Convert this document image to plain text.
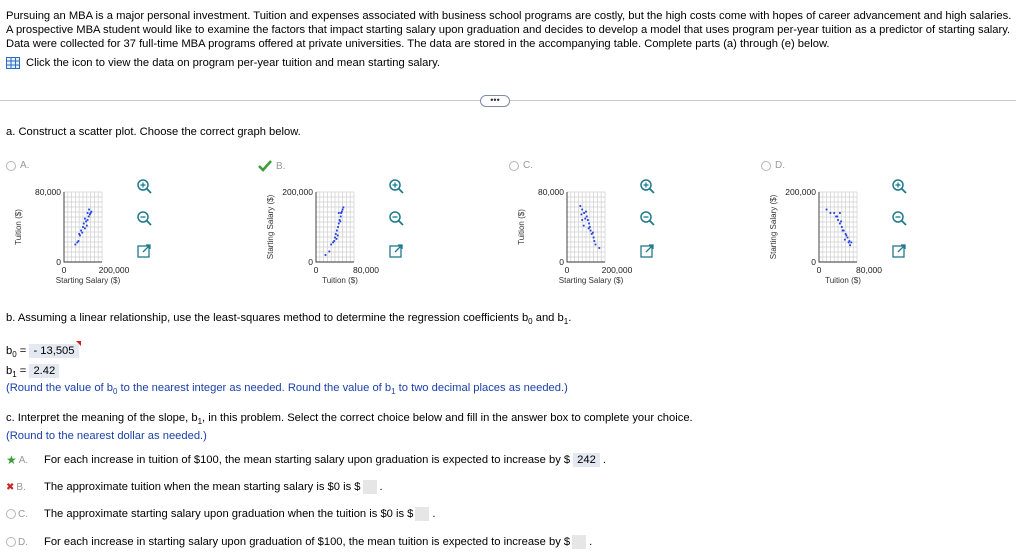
Pursuing an MBA is a major personal investment. Tuition and expenses associated with business school programs are costly, but the high costs come with hopes of career advancement and high salaries. A prospective MBA student would like to examine the factors that impact starting salary upon graduation and decides to develop a model that uses program per-year tuition as a predictor of starting salary. Data were collected for 37 full-time MBA programs offered at private universities. The data are stored in the accompanying table. Complete parts (a) through (e) below.
Click the icon to view the data on program per-year tuition and mean starting salary.
•••
a. Construct a scatter plot. Choose the correct graph below.
A.
Tuition ($)
80,000
0
0	200,000
Starting Salary ($)
B.
Starting Salary ($)
200,000
0
0	80,000
Tuition ($)
C.
Tuition ($)
80,000
0
0	200,000
Starting Salary ($)
D.
Starting Salary ($)
200,000
0
0	80,000
Tuition ($)
b. Assuming a linear relationship, use the least-squares method to determine the regression coefficients $b_0$ and $b_1$.
$b_0$ = - 13,505
$b_1 = 2.42$
(Round the value of $b_0$ to the nearest integer as needed. Round the value of $b_1$ to two decimal places as needed.)
c. Interpret the meaning of the slope, $b_1$, in this problem. Select the correct choice below and fill in the answer box to complete your choice.
(Round to the nearest dollar as needed.)
★ A. For each increase in tuition of $100, the mean starting salary upon graduation is expected to increase by $ 242 .
✖ B. The approximate tuition when the mean starting salary is $0 is $ .
C. The approximate starting salary upon graduation when the tuition is $0 is $ .
D. For each increase in starting salary upon graduation of $100, the mean tuition is expected to increase by $ .
